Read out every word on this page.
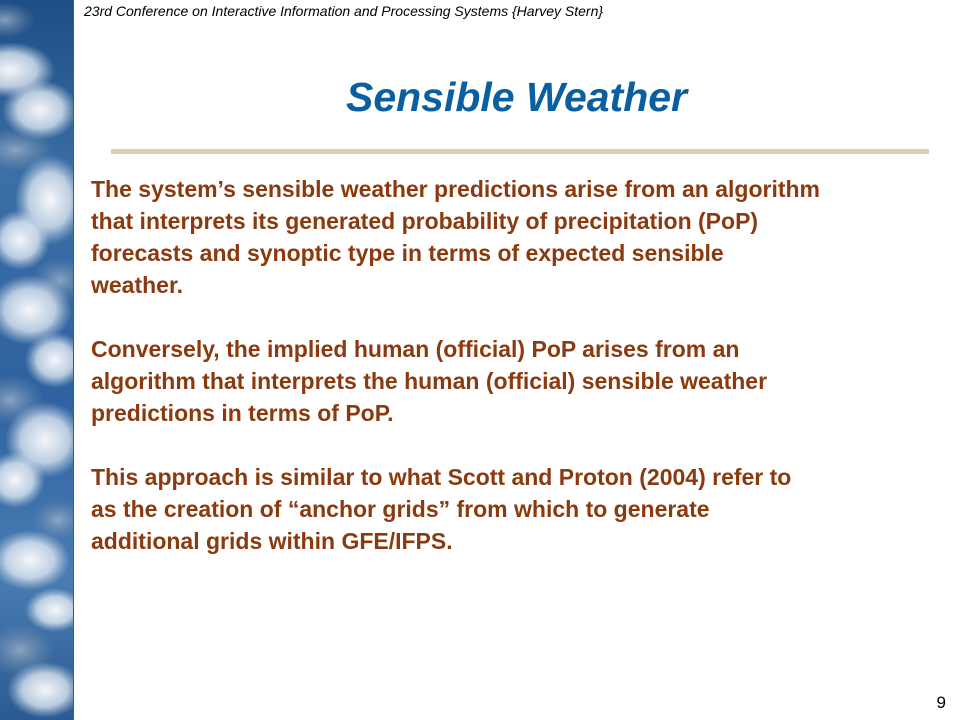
23rd Conference on Interactive Information and Processing Systems {Harvey Stern}
Sensible Weather

The system’s sensible weather predictions arise from an algorithm
that interprets its generated probability of precipitation (PoP)
forecasts and synoptic type in terms of expected sensible
weather.

Conversely, the implied human (official) PoP arises from an
algorithm that interprets the human (official) sensible weather
predictions in terms of PoP.

This approach is similar to what Scott and Proton (2004) refer to
as the creation of “anchor grids” from which to generate
additional grids within GFE/IFPS.

9
